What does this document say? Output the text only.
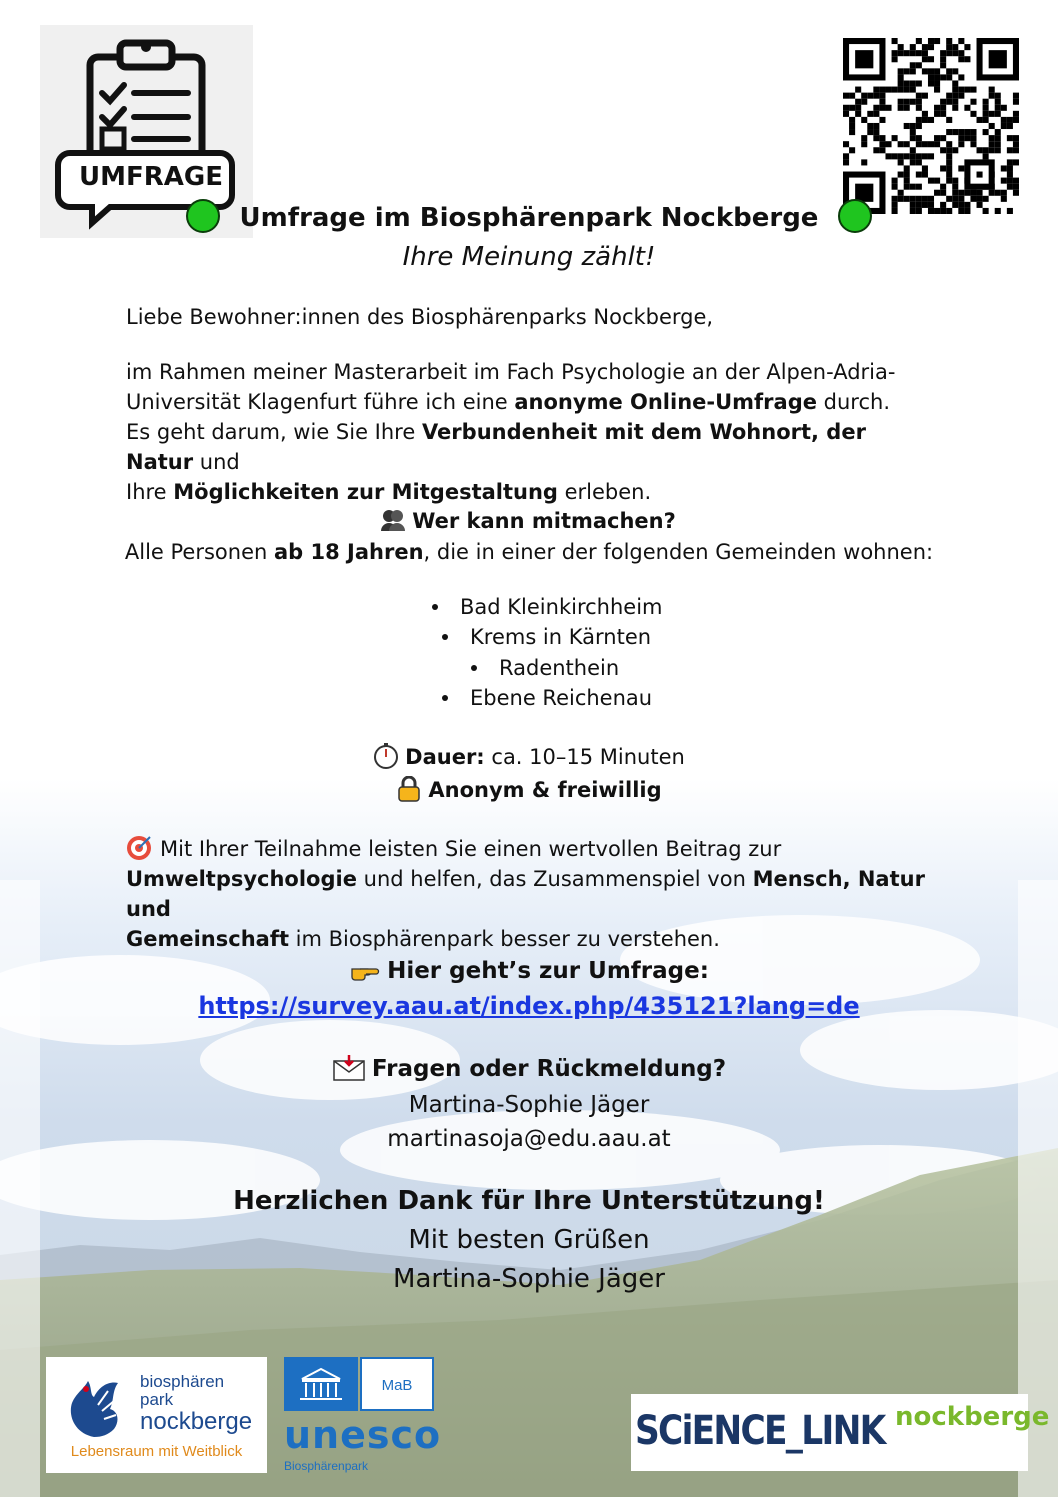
UMFRAGE
Umfrage im Biosphärenpark Nockberge
Ihre Meinung zählt!
Liebe Bewohner:innen des Biosphärenparks Nockberge,
im Rahmen meiner Masterarbeit im Fach Psychologie an der Alpen-Adria-
Universität Klagenfurt führe ich eine anonyme Online-Umfrage durch.
Es geht darum, wie Sie Ihre Verbundenheit mit dem Wohnort, der Natur und
Ihre Möglichkeiten zur Mitgestaltung erleben.
Wer kann mitmachen?
Alle Personen ab 18 Jahren, die in einer der folgenden Gemeinden wohnen:
Bad Kleinkirchheim
Krems in Kärnten
Radenthein
Ebene Reichenau
Dauer: ca. 10–15 Minuten
Anonym & freiwillig
Mit Ihrer Teilnahme leisten Sie einen wertvollen Beitrag zur
Umweltpsychologie und helfen, das Zusammenspiel von Mensch, Natur und
Gemeinschaft im Biosphärenpark besser zu verstehen.
Hier geht’s zur Umfrage:
https://survey.aau.at/index.php/435121?lang=de
Fragen oder Rückmeldung?
Martina-Sophie Jäger
martinasoja@edu.aau.at
Herzlichen Dank für Ihre Unterstützung!
Mit besten Grüßen
Martina-Sophie Jäger
biosphären
park
nockberge
Lebensraum mit Weitblick
MaB
unesco
Biosphärenpark
SCiENCE_LINK nockberge
